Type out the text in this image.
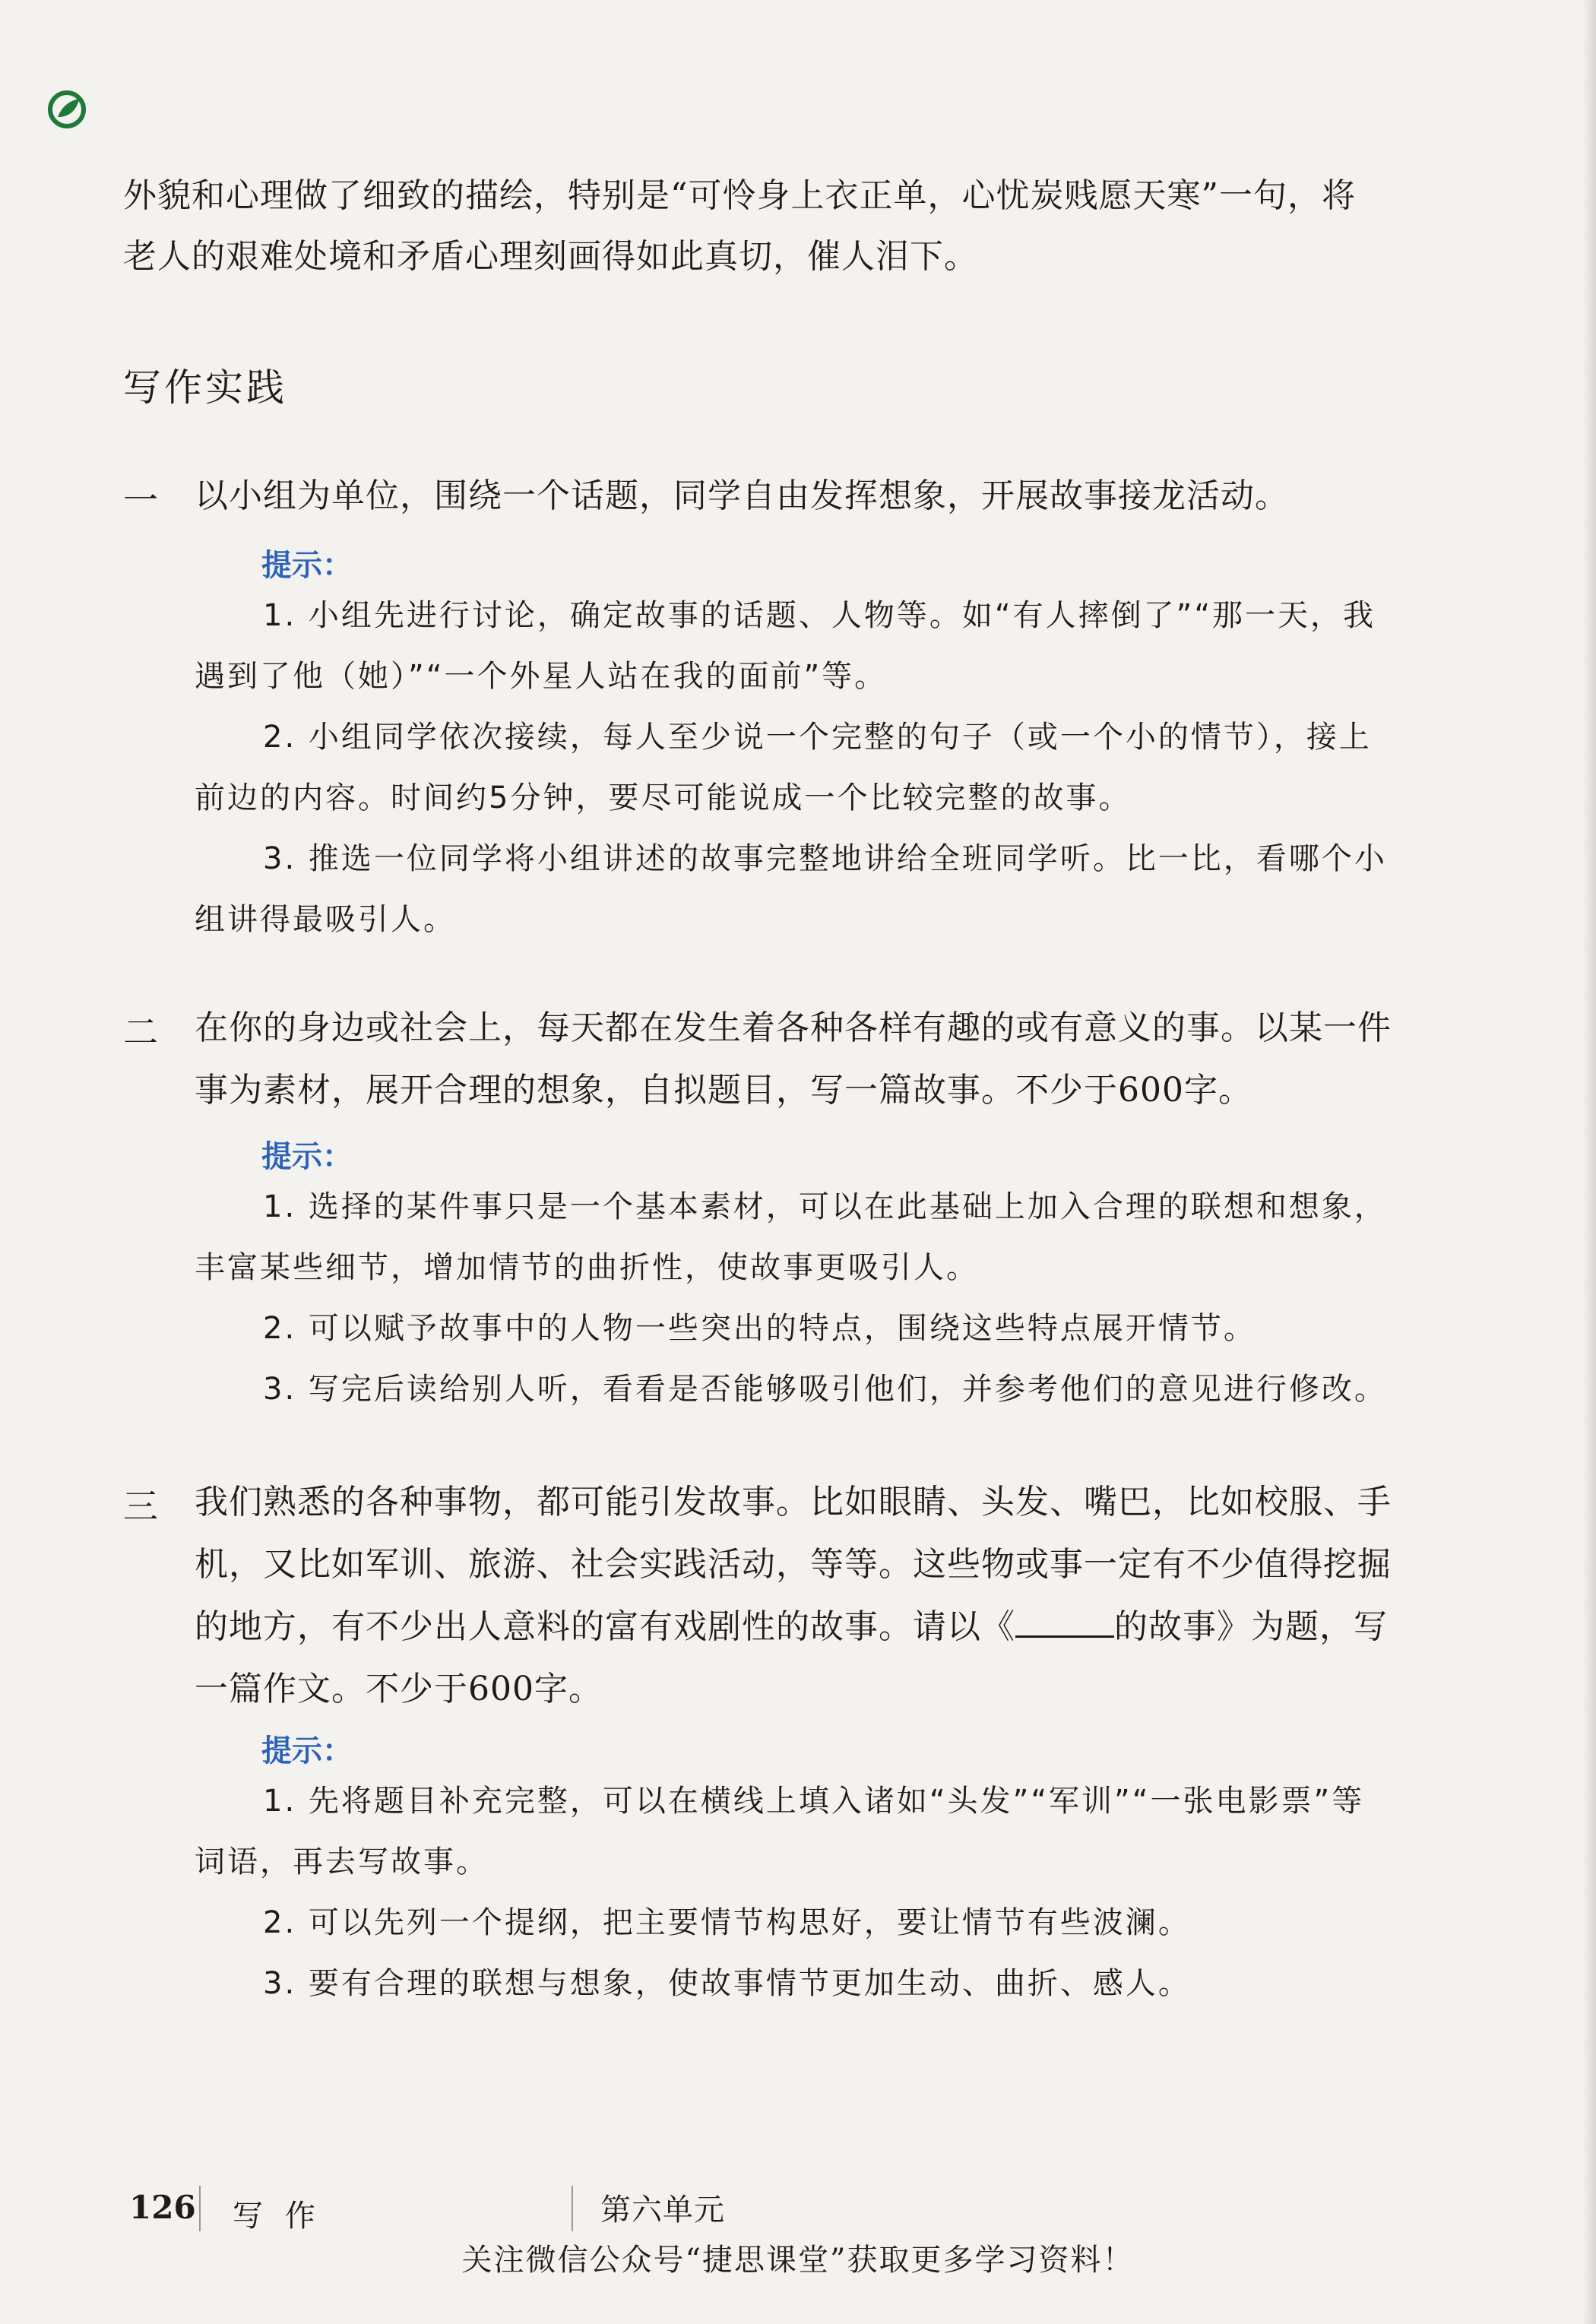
外貌和心理做了细致的描绘，特别是“可怜身上衣正单，心忧炭贱愿天寒”一句，将
老人的艰难处境和矛盾心理刻画得如此真切，催人泪下。
写作实践
一 以小组为单位，围绕一个话题，同学自由发挥想象，开展故事接龙活动。

提示：

1. 小组先进行讨论，确定故事的话题、人物等。如“有人摔倒了”“那一天，我遇到了他（她）”“一个外星人站在我的面前”等。

2. 小组同学依次接续，每人至少说一个完整的句子（或一个小的情节），接上前边的内容。时间约5分钟，要尽可能说成一个比较完整的故事。

3. 推选一位同学将小组讲述的故事完整地讲给全班同学听。比一比，看哪个小组讲得最吸引人。

二 在你的身边或社会上，每天都在发生着各种各样有趣的或有意义的事。以某一件事为素材，展开合理的想象，自拟题目，写一篇故事。不少于600字。

提示：

1. 选择的某件事只是一个基本素材，可以在此基础上加入合理的联想和想象，丰富某些细节，增加情节的曲折性，使故事更吸引人。

2. 可以赋予故事中的人物一些突出的特点，围绕这些特点展开情节。

3. 写完后读给别人听，看看是否能够吸引他们，并参考他们的意见进行修改。

三 我们熟悉的各种事物，都可能引发故事。比如眼睛、头发、嘴巴，比如校服、手机，又比如军训、旅游、社会实践活动，等等。这些物或事一定有不少值得挖掘的地方，有不少出人意料的富有戏剧性的故事。请以《	的故事》为题，写一篇作文。不少于600字。

提示：

1. 先将题目补充完整，可以在横线上填入诸如“头发”“军训”“一张电影票”等词语，再去写故事。

2. 可以先列一个提纲，把主要情节构思好，要让情节有些波澜。

3. 要有合理的联想与想象，使故事情节更加生动、曲折、感人。

126 写 作	第六单元
关注微信公众号“捷思课堂”获取更多学习资料！
